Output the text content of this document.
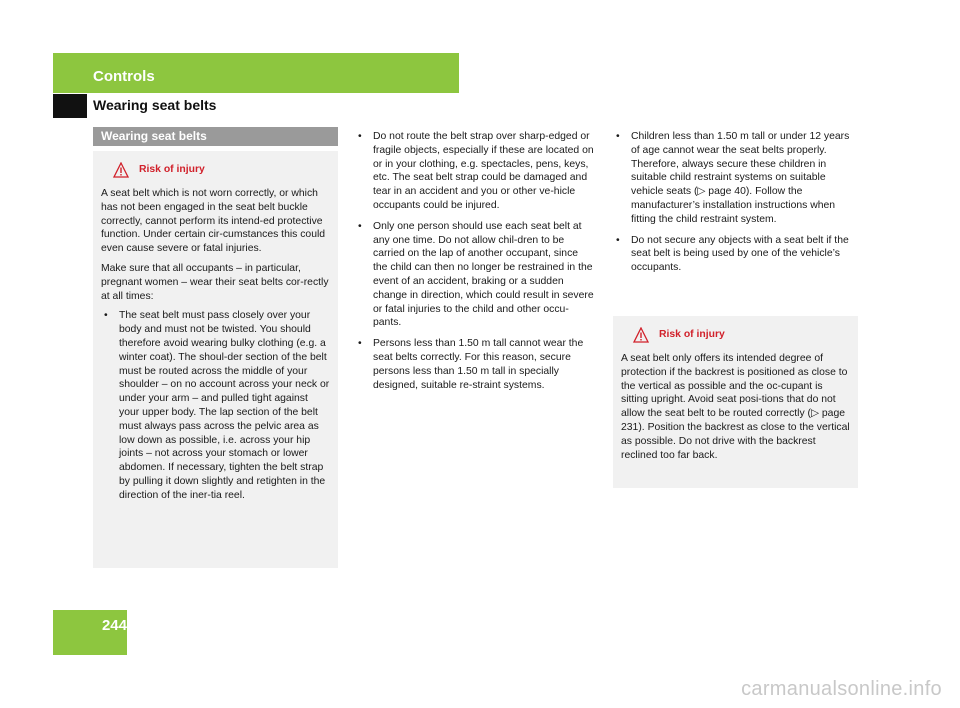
Controls
Wearing seat belts
Wearing seat belts
Risk of injury

A seat belt which is not worn correctly, or which has not been engaged in the seat belt buckle correctly, cannot perform its intend-ed protective function. Under certain cir-cumstances this could even cause severe or fatal injuries.

Make sure that all occupants – in particular, pregnant women – wear their seat belts cor-rectly at all times:

• The seat belt must pass closely over your body and must not be twisted. You should therefore avoid wearing bulky clothing (e.g. a winter coat). The shoul-der section of the belt must be routed across the middle of your shoulder – on no account across your neck or under your arm – and pulled tight against your upper body. The lap section of the belt must always pass across the pelvic area as low down as possible, i.e. across your hip joints – not across your stomach or lower abdomen. If necessary, tighten the belt strap by pulling it down slightly and retighten in the direction of the iner-tia reel.
• Do not route the belt strap over sharp-edged or fragile objects, especially if these are located on or in your clothing, e.g. spectacles, pens, keys, etc. The seat belt strap could be damaged and tear in an accident and you or other ve-hicle occupants could be injured.
• Only one person should use each seat belt at any one time. Do not allow chil-dren to be carried on the lap of another occupant, since the child can then no longer be restrained in the event of an accident, braking or a sudden change in direction, which could result in severe or fatal injuries to the child and other occu-pants.
• Persons less than 1.50 m tall cannot wear the seat belts correctly. For this reason, secure persons less than 1.50 m tall in specially designed, suitable re-straint systems.
• Children less than 1.50 m tall or under 12 years of age cannot wear the seat belts properly. Therefore, always secure these children in suitable child restraint systems on suitable vehicle seats (▷ page 40). Follow the manufacturer’s installation instructions when fitting the child restraint system.
• Do not secure any objects with a seat belt if the seat belt is being used by one of the vehicle’s occupants.
Risk of injury

A seat belt only offers its intended degree of protection if the backrest is positioned as close to the vertical as possible and the oc-cupant is sitting upright. Avoid seat posi-tions that do not allow the seat belt to be routed correctly (▷ page 231). Position the backrest as close to the vertical as possible. Do not drive with the backrest reclined too far back.

244
carmanualsonline.info
